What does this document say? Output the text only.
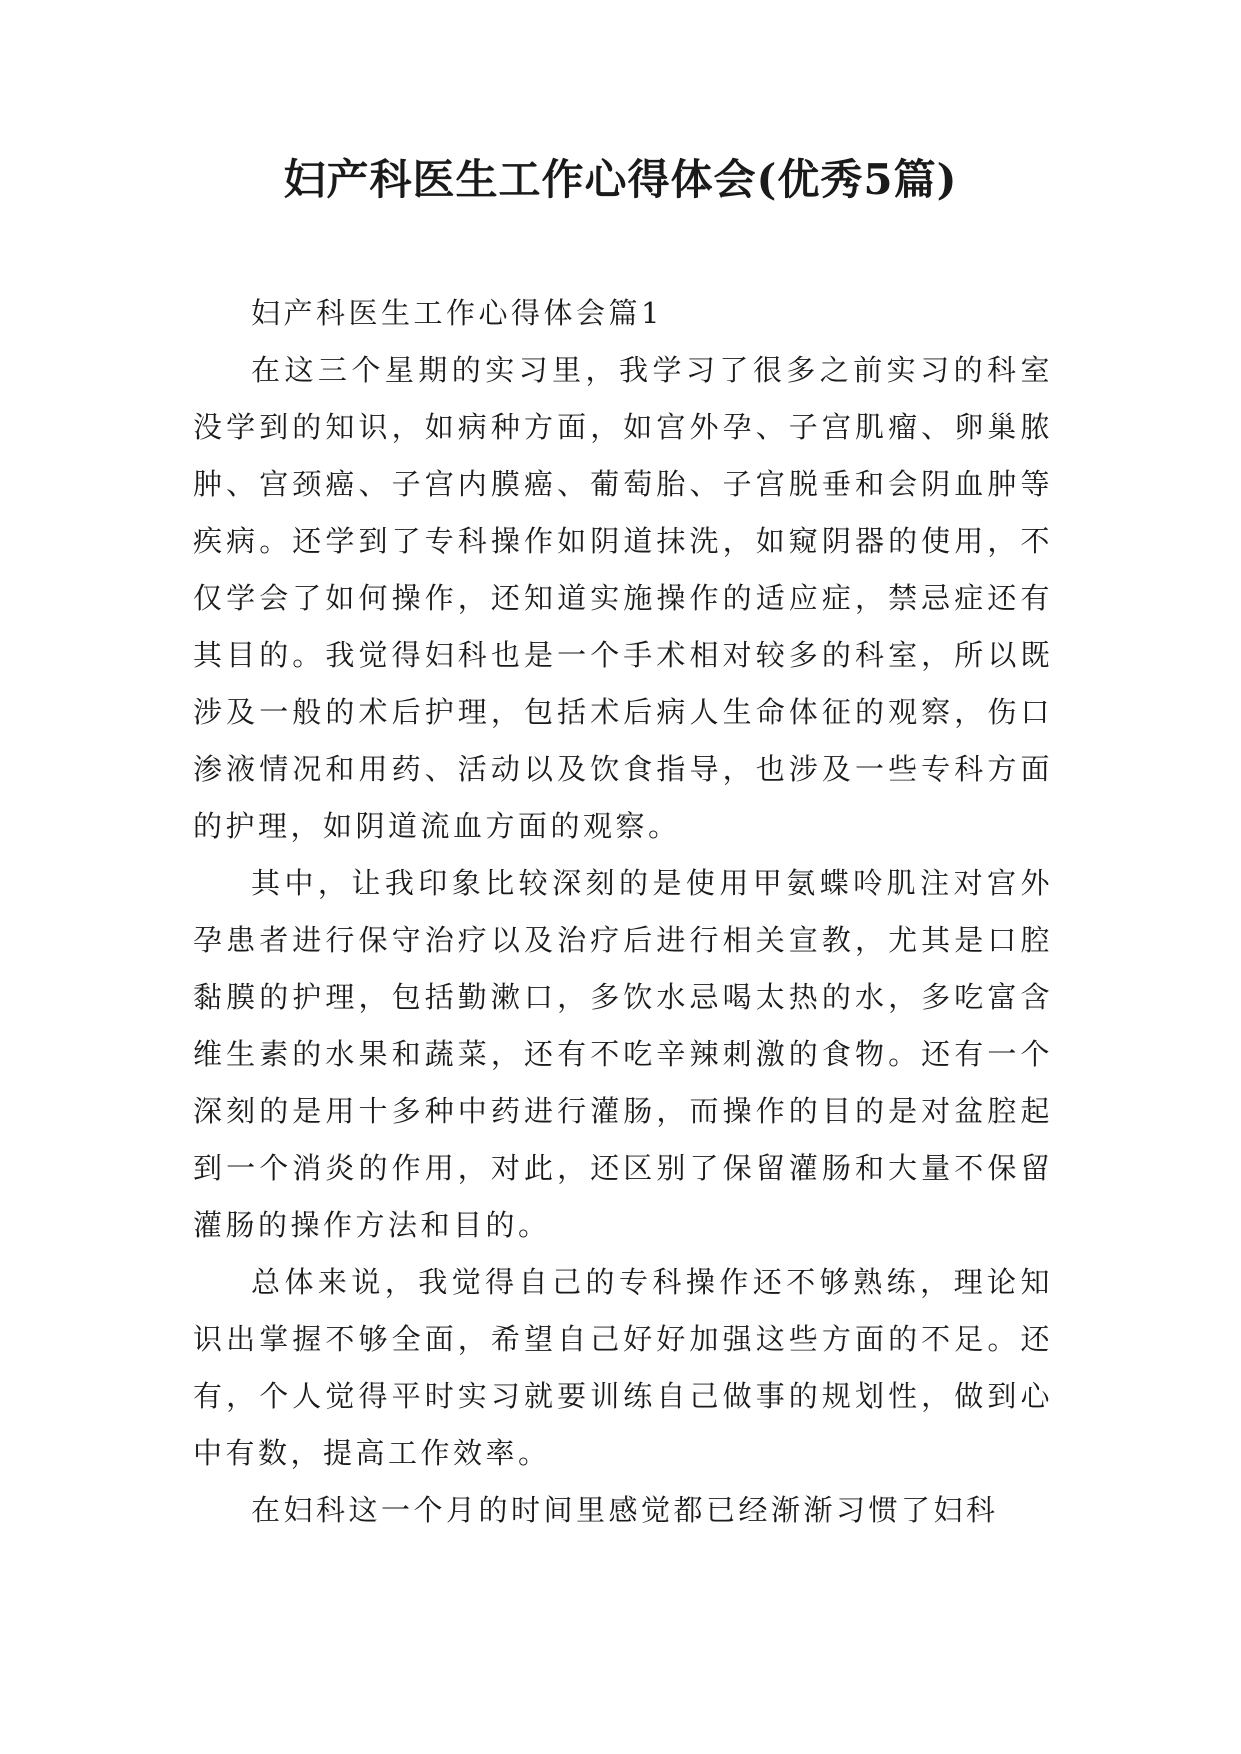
妇产科医生工作心得体会(优秀5篇)

妇产科医生工作心得体会篇1

在这三个星期的实习里，我学习了很多之前实习的科室没学到的知识，如病种方面，如宫外孕、子宫肌瘤、卵巢脓肿、宫颈癌、子宫内膜癌、葡萄胎、子宫脱垂和会阴血肿等疾病。还学到了专科操作如阴道抹洗，如窥阴器的使用，不仅学会了如何操作，还知道实施操作的适应症，禁忌症还有其目的。我觉得妇科也是一个手术相对较多的科室，所以既涉及一般的术后护理，包括术后病人生命体征的观察，伤口渗液情况和用药、活动以及饮食指导，也涉及一些专科方面的护理，如阴道流血方面的观察。

其中，让我印象比较深刻的是使用甲氨蝶呤肌注对宫外孕患者进行保守治疗以及治疗后进行相关宣教，尤其是口腔黏膜的护理，包括勤漱口，多饮水忌喝太热的水，多吃富含维生素的水果和蔬菜，还有不吃辛辣刺激的食物。还有一个深刻的是用十多种中药进行灌肠，而操作的目的是对盆腔起到一个消炎的作用，对此，还区别了保留灌肠和大量不保留灌肠的操作方法和目的。

总体来说，我觉得自己的专科操作还不够熟练，理论知识出掌握不够全面，希望自己好好加强这些方面的不足。还有，个人觉得平时实习就要训练自己做事的规划性，做到心中有数，提高工作效率。

在妇科这一个月的时间里感觉都已经渐渐习惯了妇科
